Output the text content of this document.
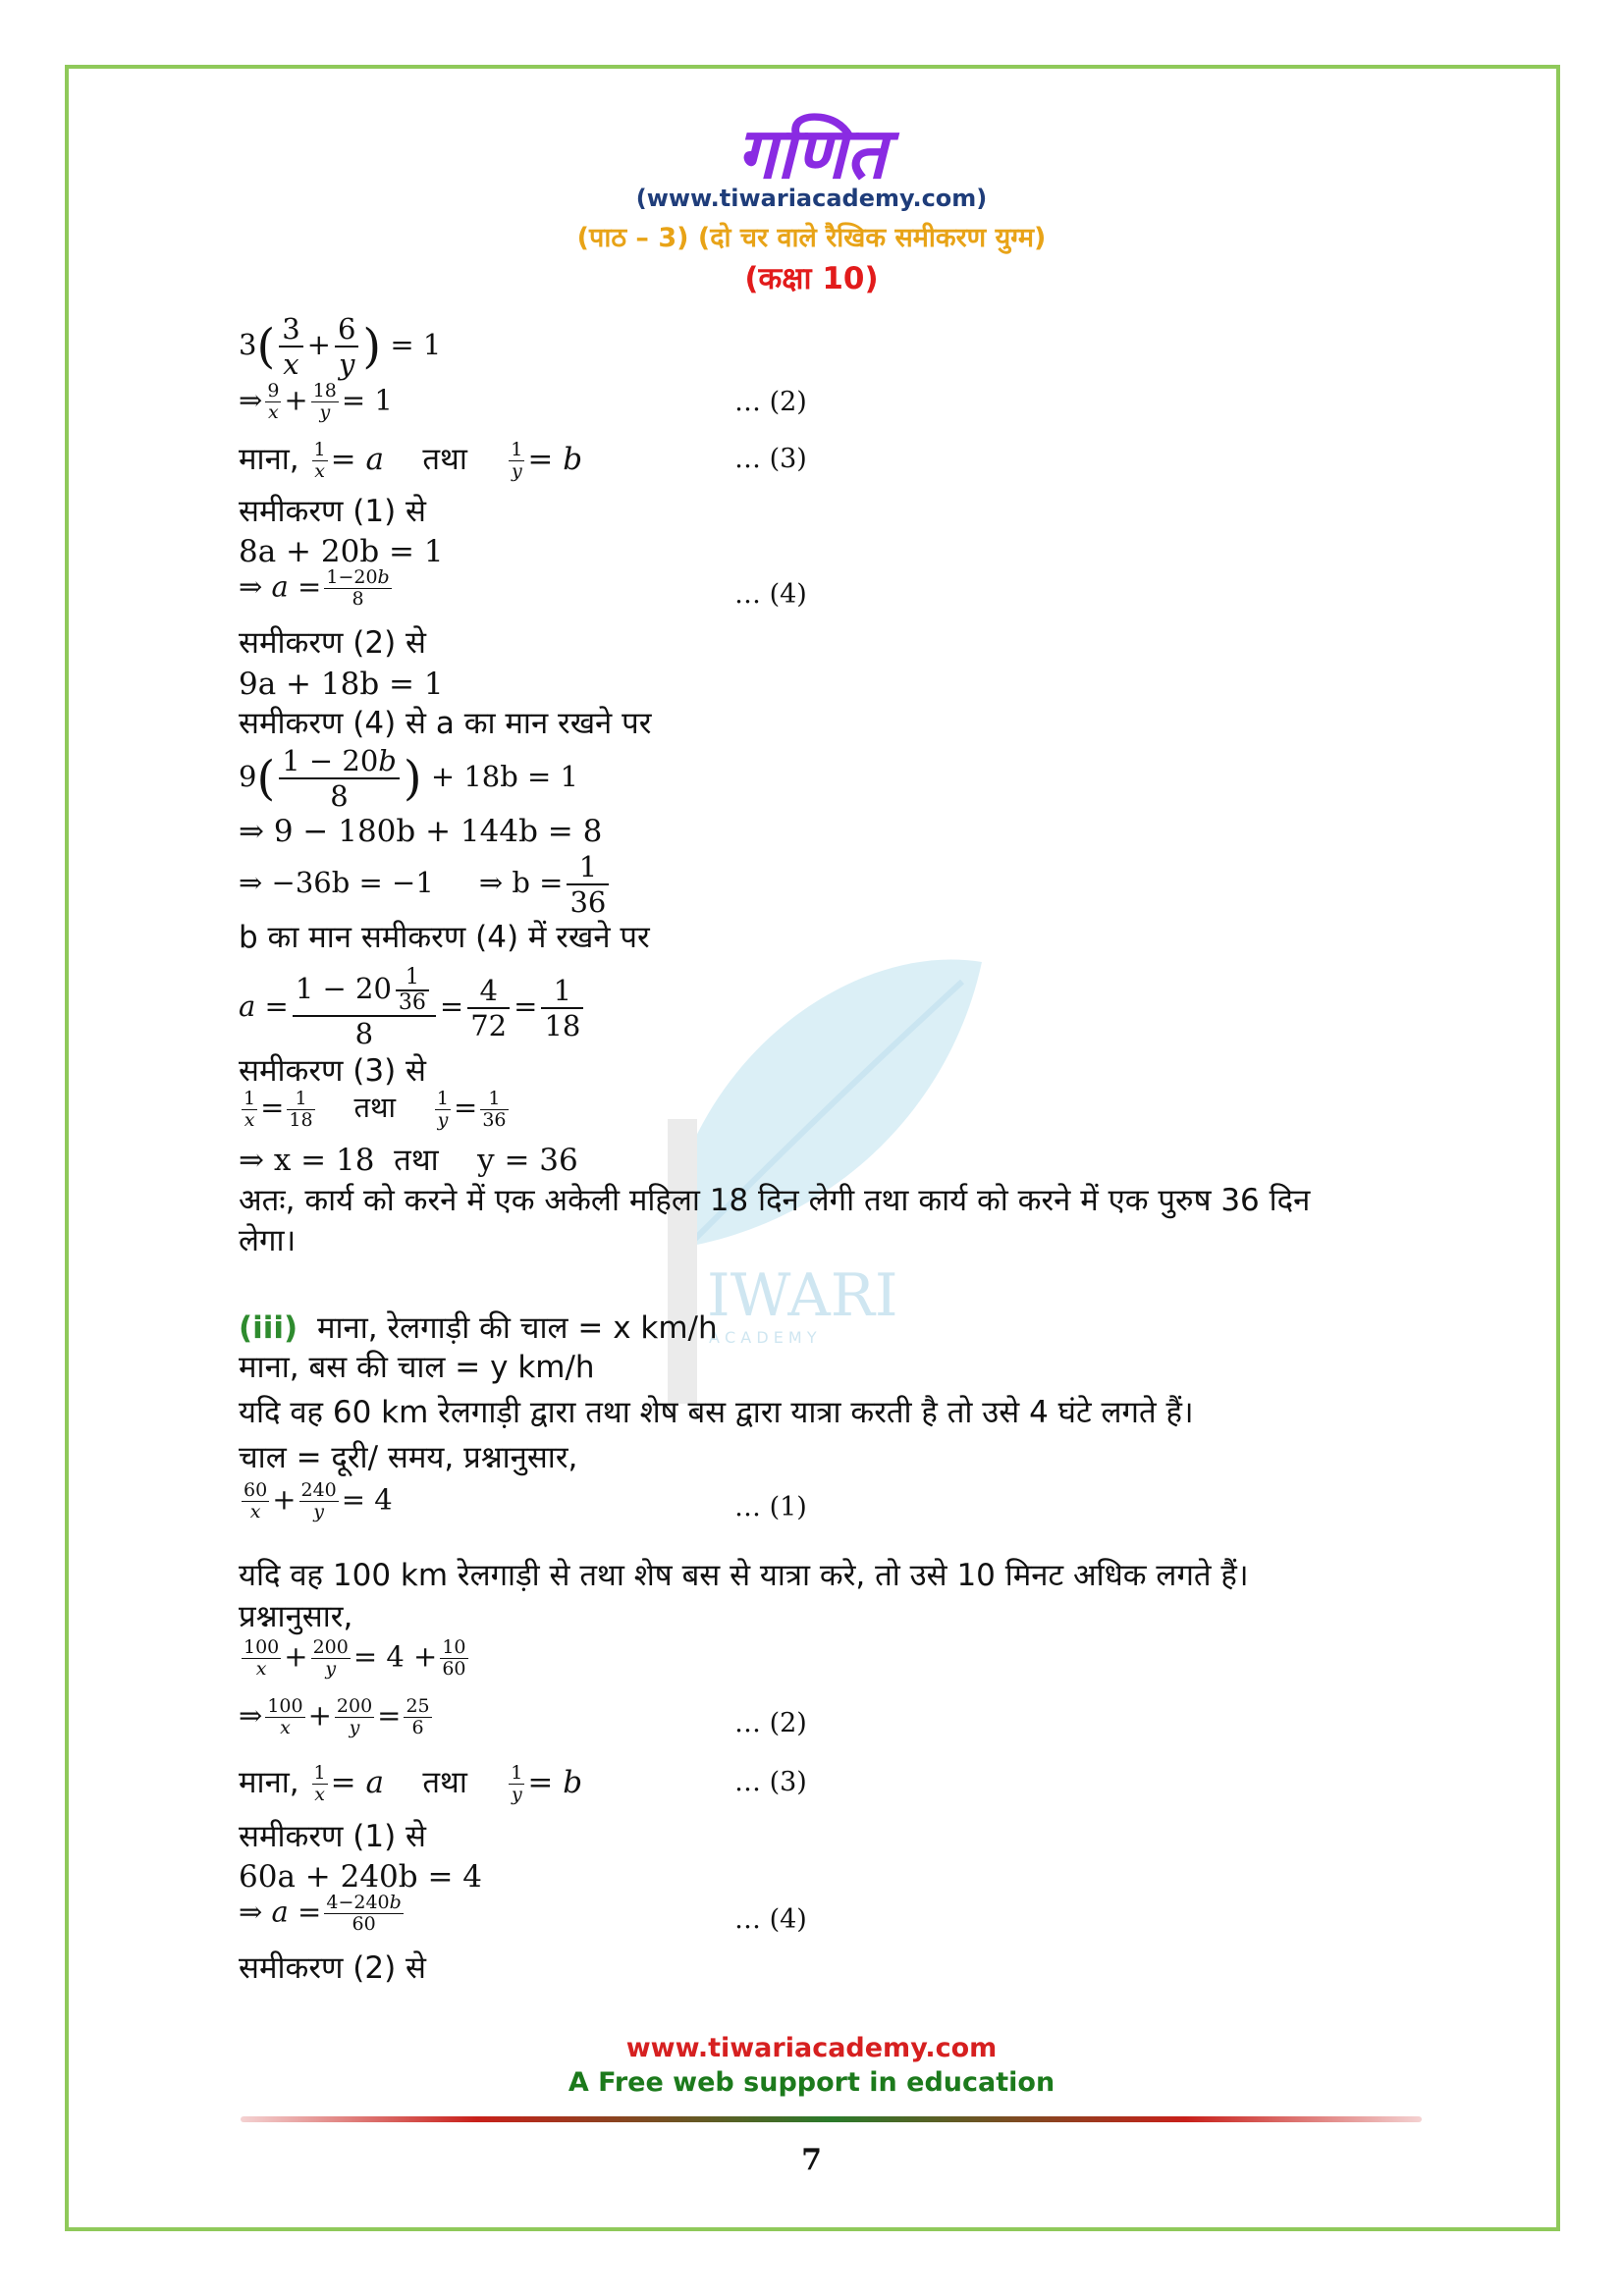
गणित
(www.tiwariacademy.com)
(पाठ – 3) (दो चर वाले रैखिक समीकरण युग्म)
(कक्षा 10)
IWARI
A C A D E M Y
$3( \frac{3}{x} + \frac{6}{y}$ ) = 1
⇒ $\frac{9}{x} + \frac{18}{y} = 1$	… (2)
माना, $\frac{1}{x} = a$ तथा $\frac{1}{y} = b$	… (3)
समीकरण (1) से
8a + 20b = 1
⇒ $a = \frac{1-20b}{8}$	… (4)
समीकरण (2) से
9a + 18b = 1
समीकरण (4) से a का मान रखने पर
$9( \frac{1 - 20b}{8}$ ) + 18b = 1
⇒ 9 − 180b + 144b = 8
⇒ −36b = −1 ⇒ $b = \frac{1}{36}$
b का मान समीकरण (4) में रखने पर
$a = \frac{1 - 20 \frac{1}{36}}{8} = \frac{4}{72} = \frac{1}{18}$
समीकरण (3) से
$\frac{1}{x} = \frac{1}{18}$ तथा $\frac{1}{y} = \frac{1}{36}$
⇒ x = 18 तथा y = 36
अतः, कार्य को करने में एक अकेली महिला 18 दिन लेगी तथा कार्य को करने में एक पुरुष 36 दिन
लेगा।
(iii) माना, रेलगाड़ी की चाल = x km/h
माना, बस की चाल = y km/h
यदि वह 60 km रेलगाड़ी द्वारा तथा शेष बस द्वारा यात्रा करती है तो उसे 4 घंटे लगते हैं।
चाल = दूरी/ समय, प्रश्नानुसार,
$\frac{60}{x} + \frac{240}{y} = 4$	… (1)
यदि वह 100 km रेलगाड़ी से तथा शेष बस से यात्रा करे, तो उसे 10 मिनट अधिक लगते हैं।
प्रश्नानुसार,
$\frac{100}{x} + \frac{200}{y} = 4 + \frac{10}{60}$
⇒ $\frac{100}{x} + \frac{200}{y} = \frac{25}{6}$	… (2)
माना, $\frac{1}{x} = a$ तथा $\frac{1}{y} = b$	… (3)
समीकरण (1) से
60a + 240b = 4
⇒ $a = \frac{4-240b}{60}$	… (4)
समीकरण (2) से
www.tiwariacademy.com
A Free web support in education
7
